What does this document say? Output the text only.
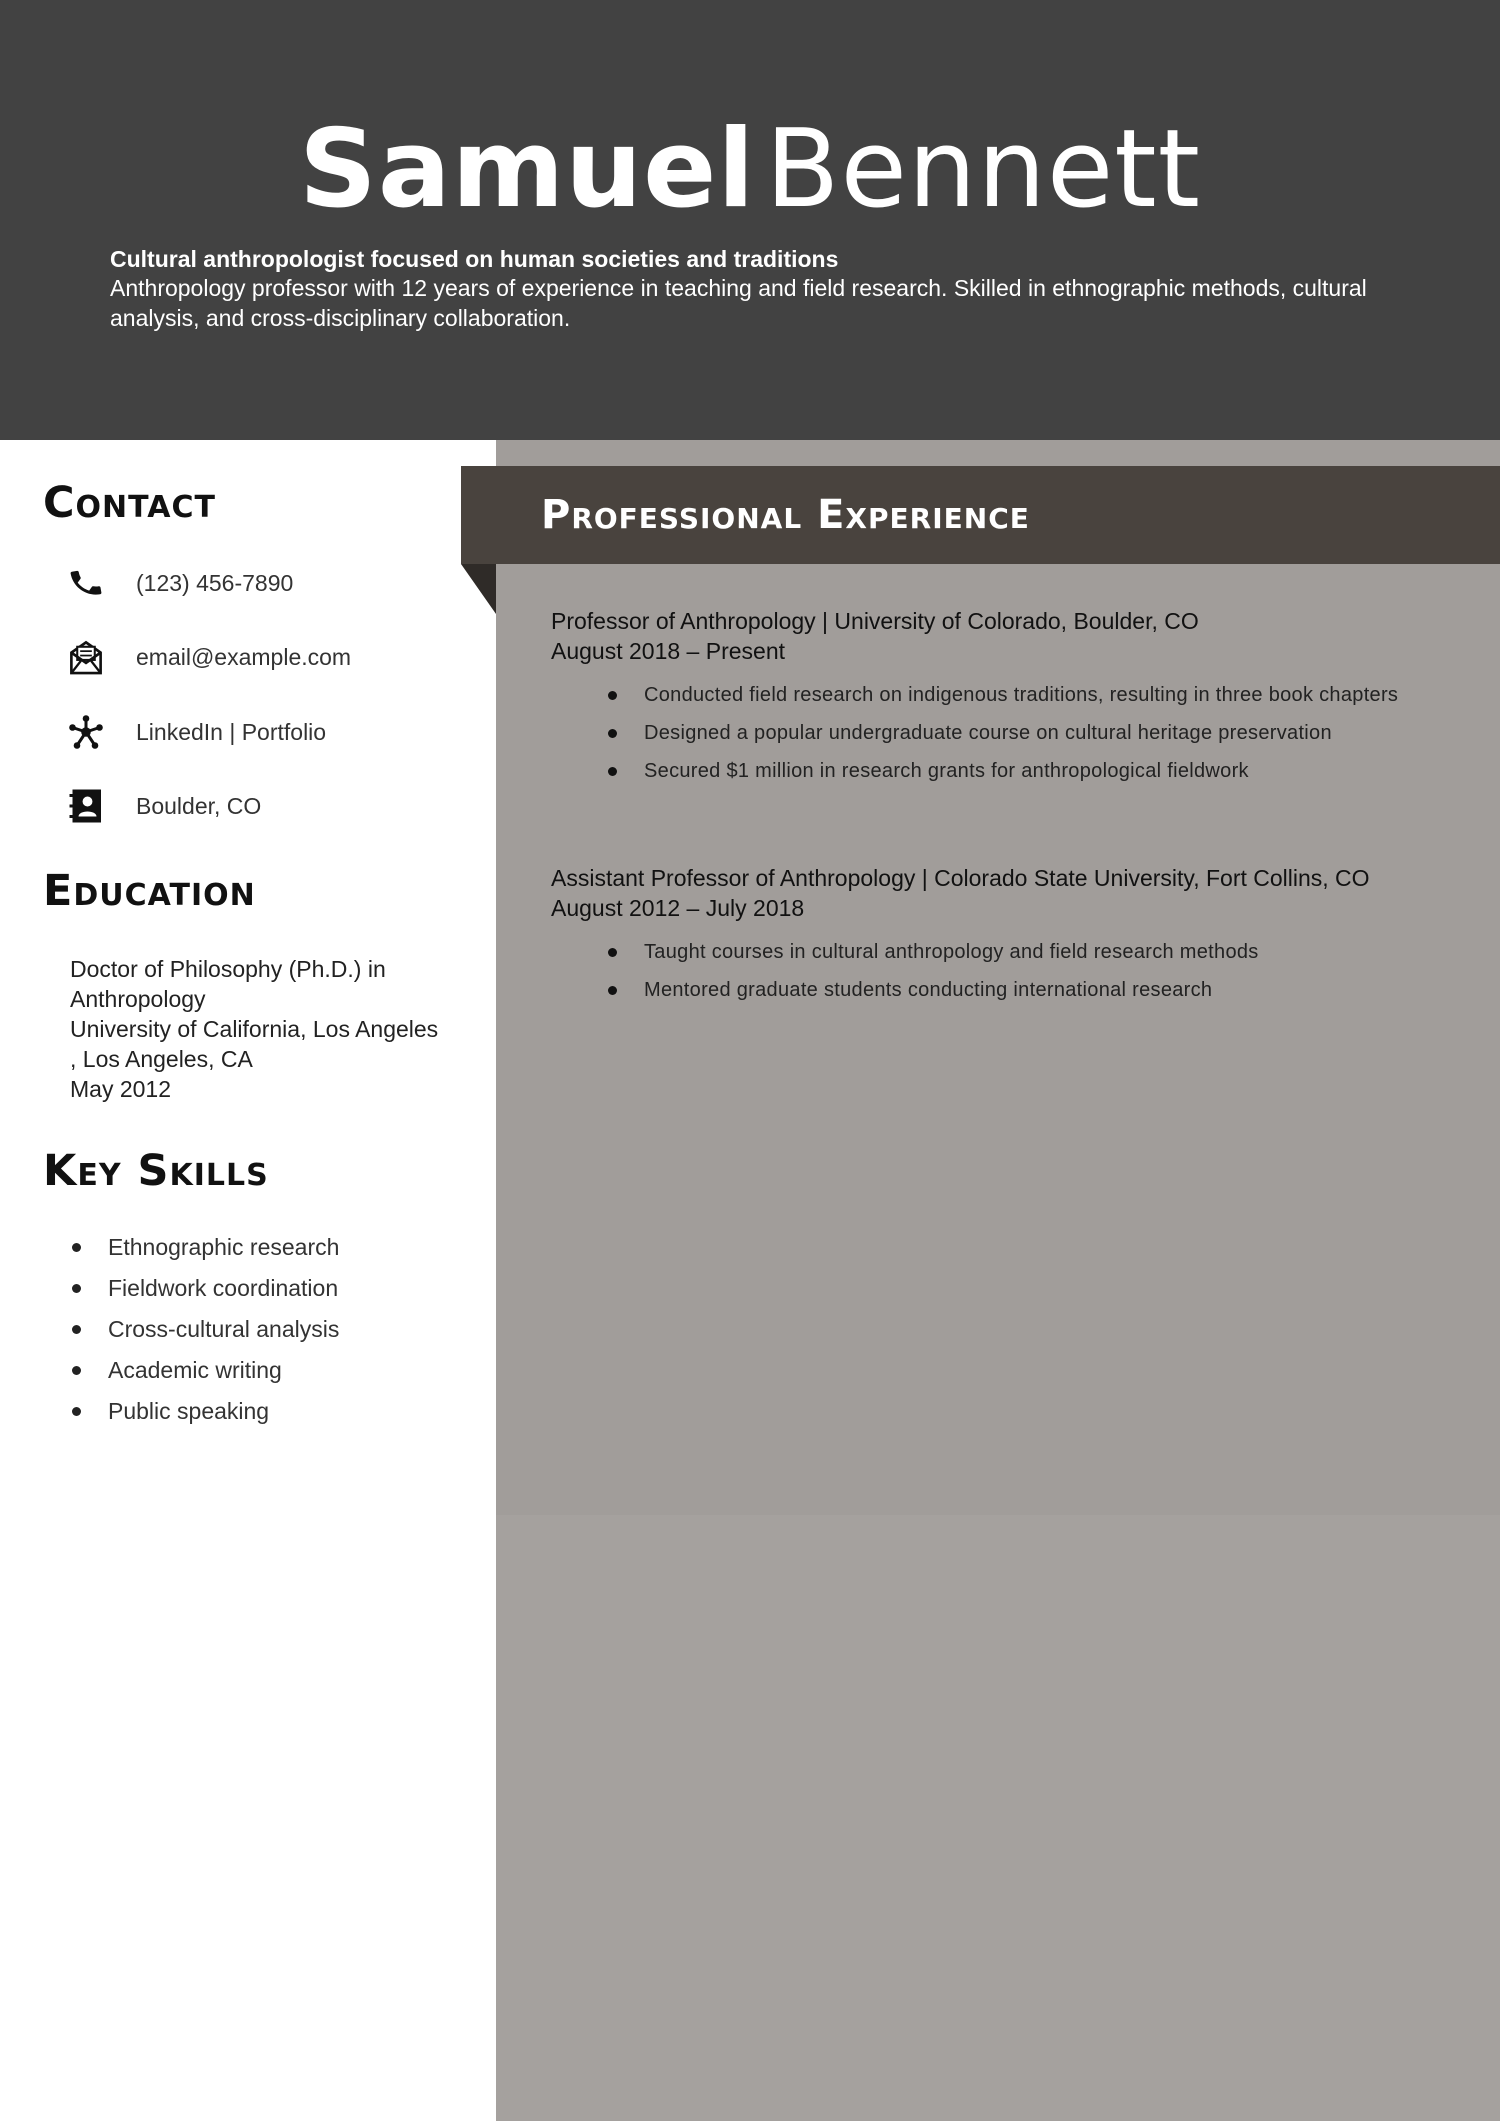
SamuelBennett
Cultural anthropologist focused on human societies and traditions
Anthropology professor with 12 years of experience in teaching and field research. Skilled in ethnographic methods, cultural analysis, and cross-disciplinary collaboration.
Professional Experience
Professor of Anthropology | University of Colorado, Boulder, CO
August 2018 – Present
Conducted field research on indigenous traditions, resulting in three book chapters
Designed a popular undergraduate course on cultural heritage preservation
Secured $1 million in research grants for anthropological fieldwork
Assistant Professor of Anthropology | Colorado State University, Fort Collins, CO
August 2012 – July 2018
Taught courses in cultural anthropology and field research methods
Mentored graduate students conducting international research
Contact
(123) 456-7890
email@example.com
LinkedIn | Portfolio
Boulder, CO
Education
Doctor of Philosophy (Ph.D.) in Anthropology
University of California, Los Angeles , Los Angeles, CA
May 2012
Key Skills
Ethnographic research
Fieldwork coordination
Cross-cultural analysis
Academic writing
Public speaking
